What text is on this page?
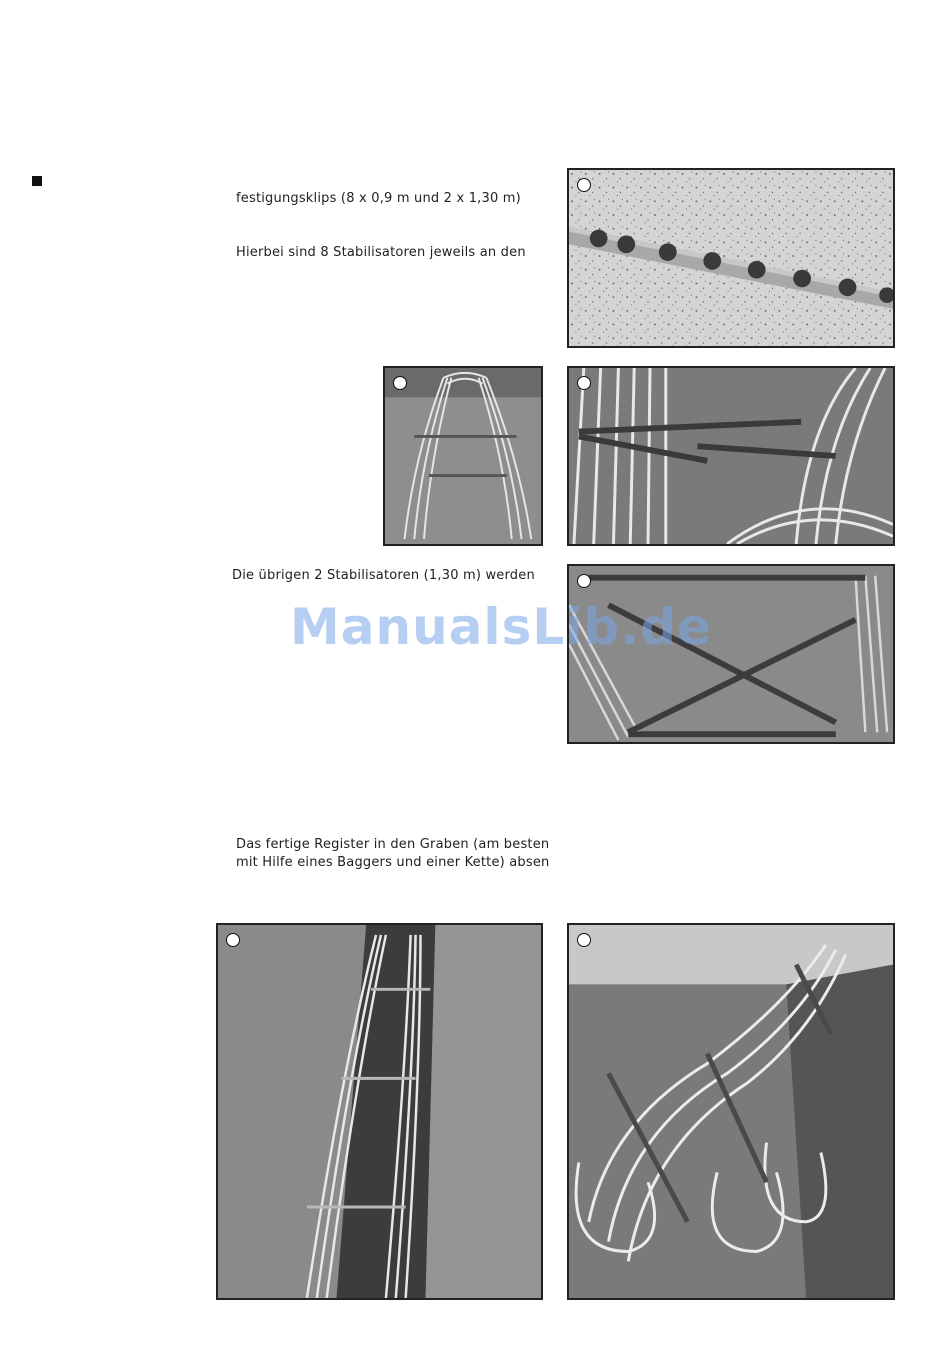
festigungsklips (8 x 0,9 m und 2 x 1,30 m)
Hierbei sind 8 Stabilisatoren jeweils an den
Die übrigen 2 Stabilisatoren (1,30 m) werden
Das fertige Register in den Graben (am besten
mit Hilfe eines Baggers und einer Kette) absen
ManualsLib.de
